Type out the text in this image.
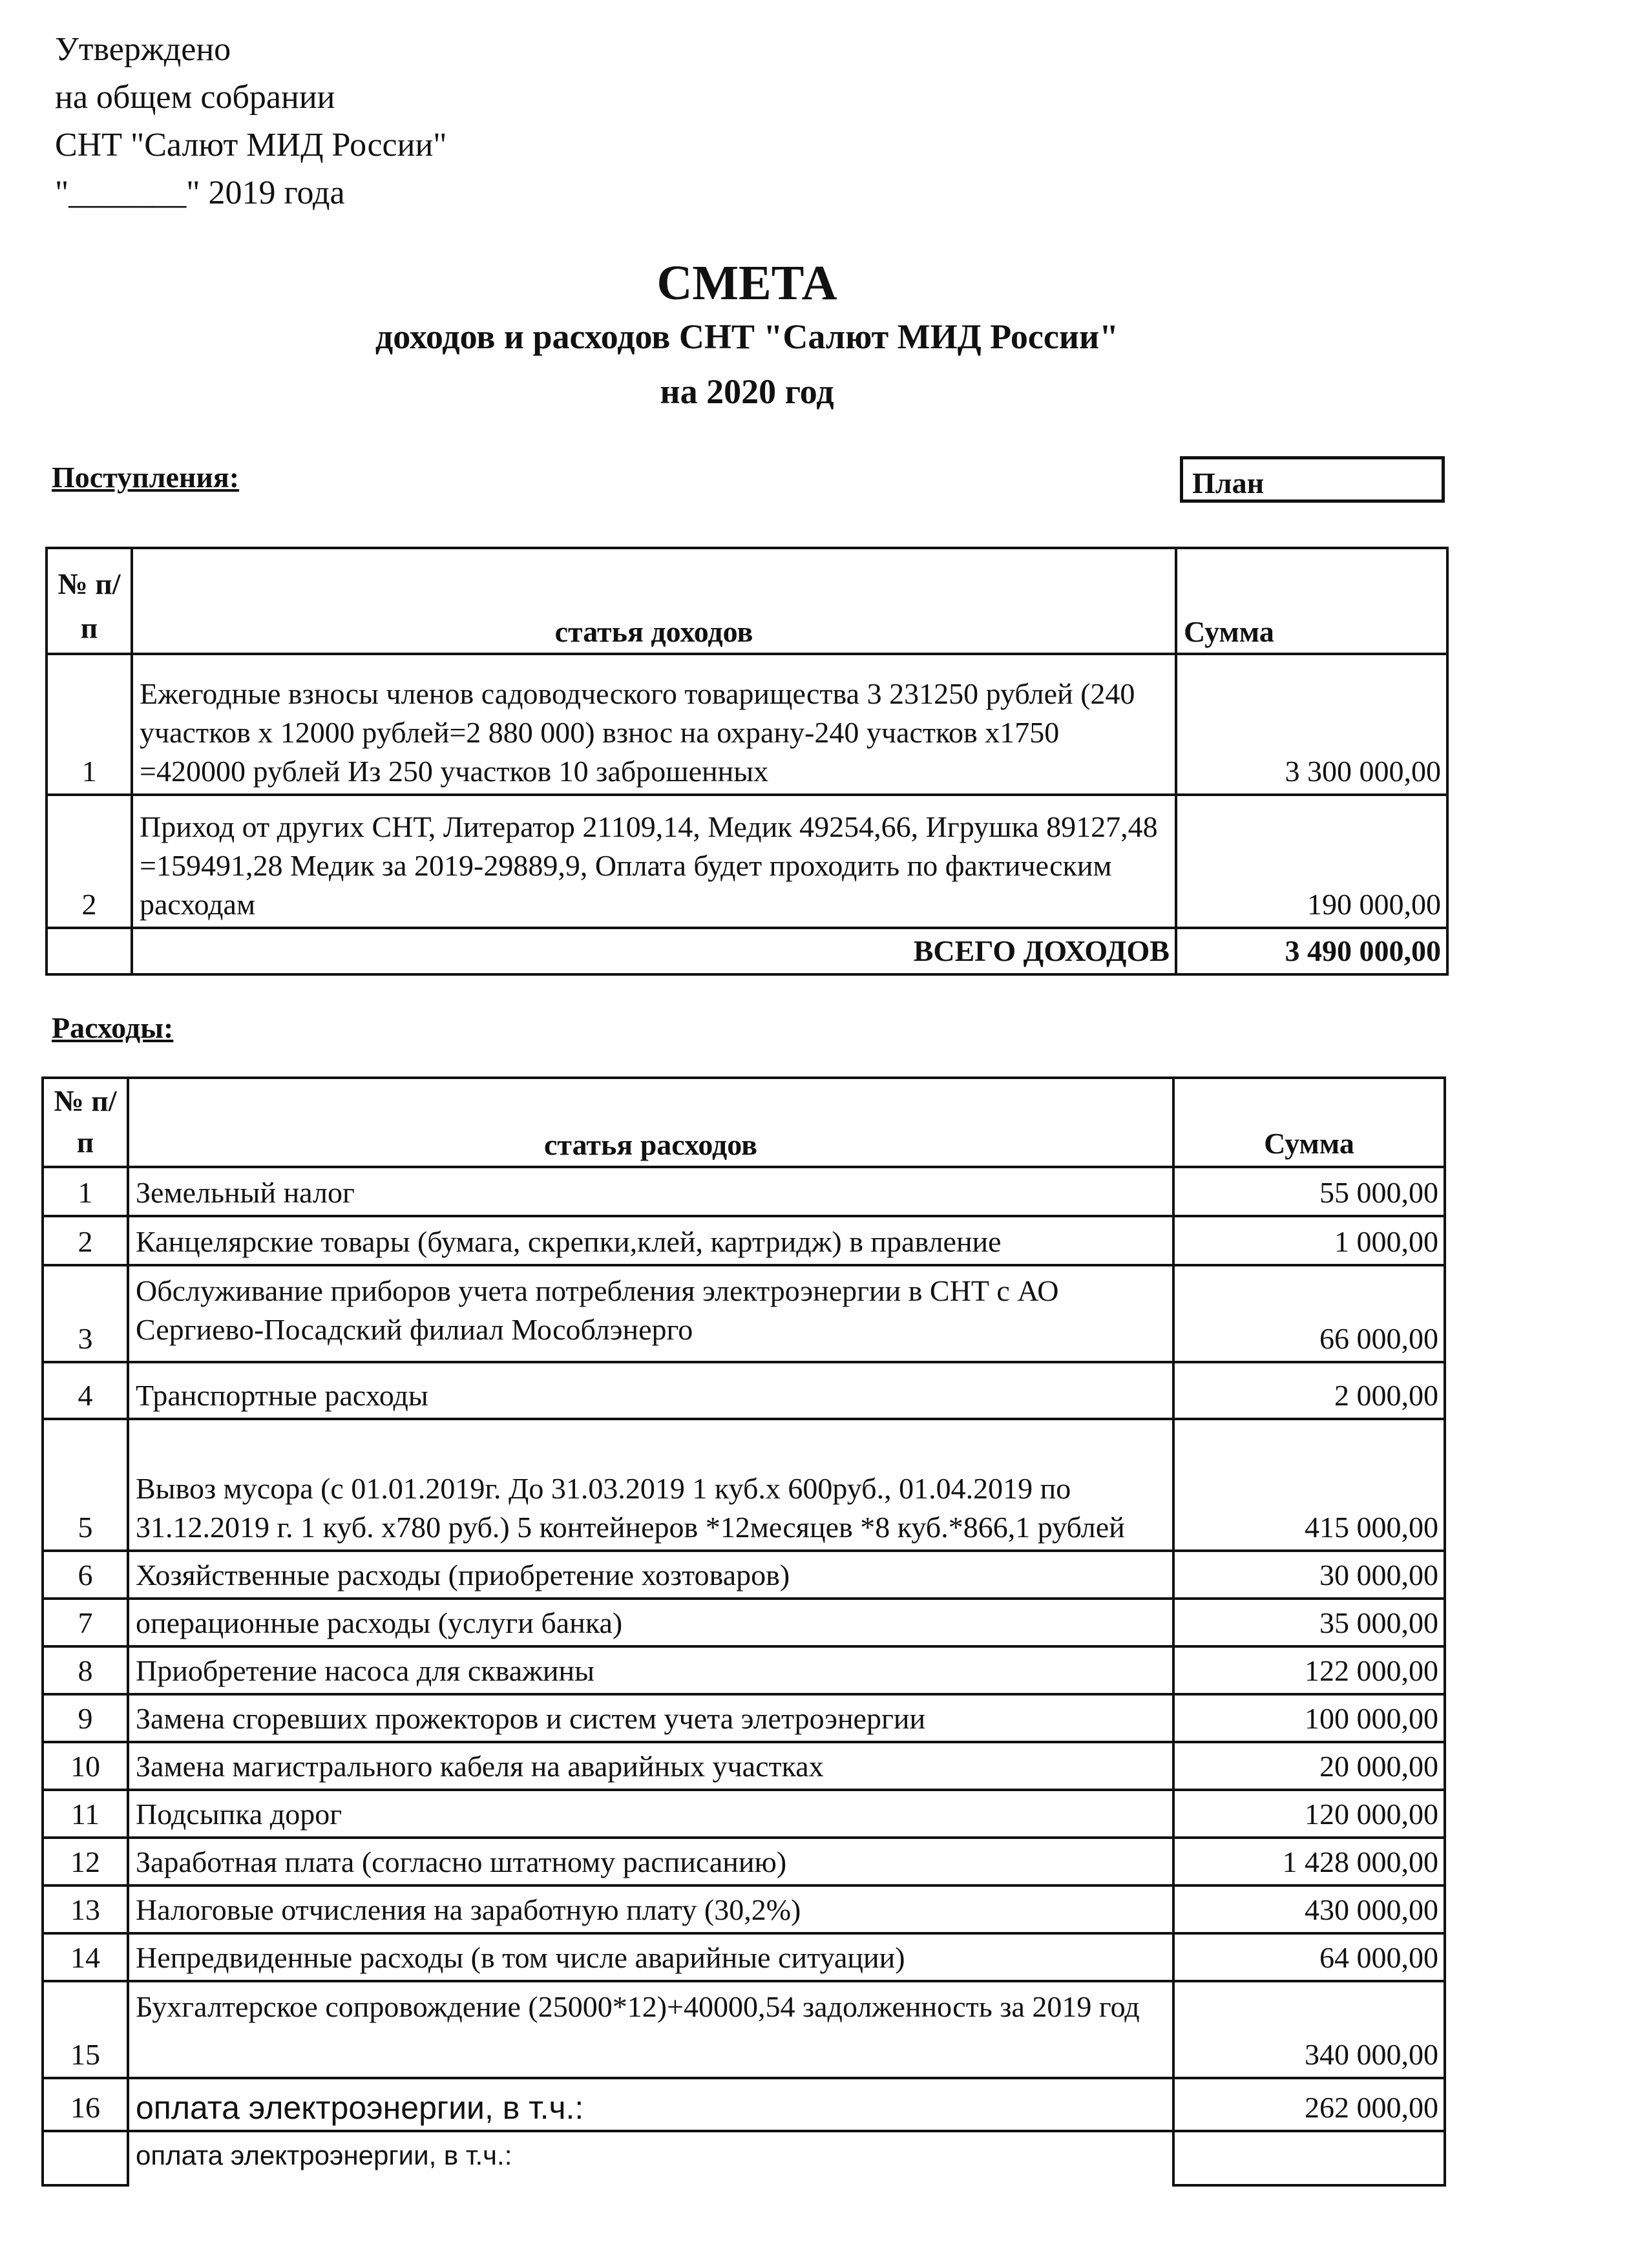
Утверждено
на общем собрании
СНТ "Салют МИД России"
"_______" 2019 года
СМЕТА
доходов и расходов СНТ "Салют МИД России"
на 2020 год
Поступления:	План
№ п/п	статья доходов	Сумма
1	Ежегодные взносы членов садоводческого товарищества 3 231250 рублей (240 участков х 12000 рублей=2 880 000) взнос на охрану-240 участков х1750 =420000 рублей Из 250 участков 10 заброшенных	3 300 000,00
2	Приход от других СНТ, Литератор 21109,14, Медик 49254,66, Игрушка 89127,48 =159491,28 Медик за 2019-29889,9, Оплата будет проходить по фактическим расходам	190 000,00
	ВСЕГО ДОХОДОВ	3 490 000,00
Расходы:
№ п/п	статья расходов	Сумма
1	Земельный налог	55 000,00
2	Канцелярские товары (бумага, скрепки,клей, картридж) в правление	1 000,00
3	Обслуживание приборов учета потребления электроэнергии в СНТ с АО Сергиево-Посадский филиал Мособлэнерго	66 000,00
4	Транспортные расходы	2 000,00
5	Вывоз мусора (с 01.01.2019г. До 31.03.2019 1 куб.х 600руб., 01.04.2019 по 31.12.2019 г. 1 куб. х780 руб.) 5 контейнеров *12месяцев *8 куб.*866,1 рублей	415 000,00
6	Хозяйственные расходы (приобретение хозтоваров)	30 000,00
7	операционные расходы (услуги банка)	35 000,00
8	Приобретение насоса для скважины	122 000,00
9	Замена сгоревших прожекторов и систем учета элетроэнергии	100 000,00
10	Замена магистрального кабеля на аварийных участках	20 000,00
11	Подсыпка дорог	120 000,00
12	Заработная плата (согласно штатному расписанию)	1 428 000,00
13	Налоговые отчисления на заработную плату (30,2%)	430 000,00
14	Непредвиденные расходы (в том числе аварийные ситуации)	64 000,00
15	Бухгалтерское сопровождение (25000*12)+40000,54 задолженность за 2019 год	340 000,00
16	оплата электроэнергии, в т.ч.:	262 000,00
	оплата электроэнергии, в т.ч.:	
